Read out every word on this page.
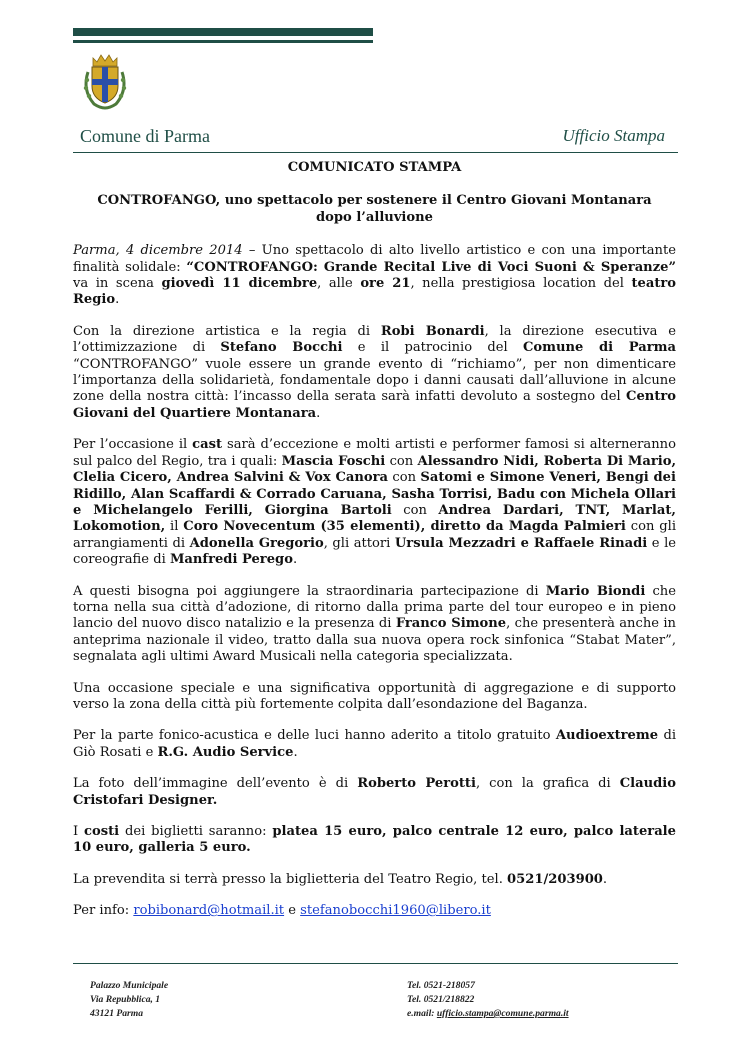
Comune di Parma	Ufficio Stampa

COMUNICATO STAMPA

CONTROFANGO, uno spettacolo per sostenere il Centro Giovani Montanara dopo l’alluvione

Parma, 4 dicembre 2014 – Uno spettacolo di alto livello artistico e con una importante finalità solidale: “CONTROFANGO: Grande Recital Live di Voci Suoni & Speranze” va in scena giovedì 11 dicembre, alle ore 21, nella prestigiosa location del teatro Regio.

Con la direzione artistica e la regia di Robi Bonardi, la direzione esecutiva e l’ottimizzazione di Stefano Bocchi e il patrocinio del Comune di Parma “CONTROFANGO” vuole essere un grande evento di “richiamo”, per non dimenticare l’importanza della solidarietà, fondamentale dopo i danni causati dall’alluvione in alcune zone della nostra città: l’incasso della serata sarà infatti devoluto a sostegno del Centro Giovani del Quartiere Montanara.

Per l’occasione il cast sarà d’eccezione e molti artisti e performer famosi si alterneranno sul palco del Regio, tra i quali: Mascia Foschi con Alessandro Nidi, Roberta Di Mario, Clelia Cicero, Andrea Salvini & Vox Canora con Satomi e Simone Veneri, Bengi dei Ridillo, Alan Scaffardi & Corrado Caruana, Sasha Torrisi, Badu con Michela Ollari e Michelangelo Ferilli, Giorgina Bartoli con Andrea Dardari, TNT, Marlat, Lokomotion, il Coro Novecentum (35 elementi), diretto da Magda Palmieri con gli arrangiamenti di Adonella Gregorio, gli attori Ursula Mezzadri e Raffaele Rinadi e le coreografie di Manfredi Perego.

A questi bisogna poi aggiungere la straordinaria partecipazione di Mario Biondi che torna nella sua città d’adozione, di ritorno dalla prima parte del tour europeo e in pieno lancio del nuovo disco natalizio e la presenza di Franco Simone, che presenterà anche in anteprima nazionale il video, tratto dalla sua nuova opera rock sinfonica “Stabat Mater”, segnalata agli ultimi Award Musicali nella categoria specializzata.

Una occasione speciale e una significativa opportunità di aggregazione e di supporto verso la zona della città più fortemente colpita dall’esondazione del Baganza.

Per la parte fonico-acustica e delle luci hanno aderito a titolo gratuito Audioextreme di Giò Rosati e R.G. Audio Service.

La foto dell’immagine dell’evento è di Roberto Perotti, con la grafica di Claudio Cristofari Designer.

I costi dei biglietti saranno: platea 15 euro, palco centrale 12 euro, palco laterale 10 euro, galleria 5 euro.

La prevendita si terrà presso la biglietteria del Teatro Regio, tel. 0521/203900.

Per info: robibonard@hotmail.it e stefanobocchi1960@libero.it

Palazzo Municipale
Via Repubblica, 1
43121 Parma
Tel. 0521-218057
Tel. 0521/218822
e.mail: ufficio.stampa@comune.parma.it
